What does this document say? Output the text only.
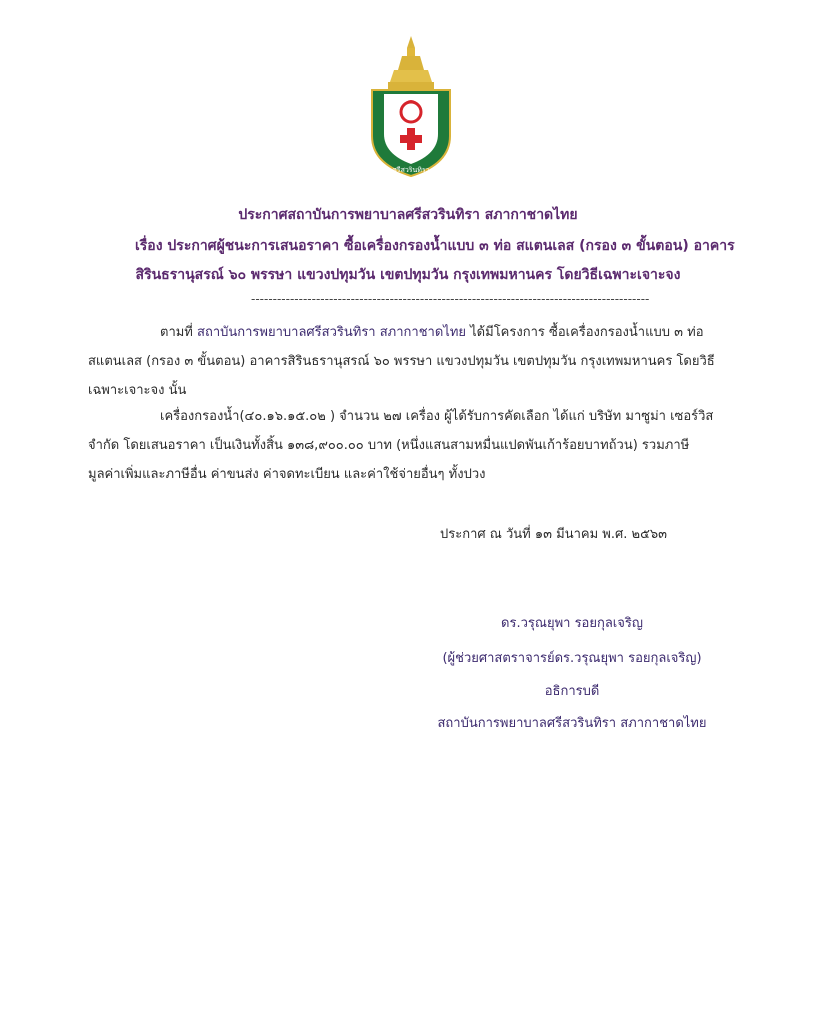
ศรีสวรินทิรา
ประกาศสถาบันการพยาบาลศรีสวรินทิรา สภากาชาดไทย
เรื่อง ประกาศผู้ชนะการเสนอราคา ซื้อเครื่องกรองน้ำแบบ ๓ ท่อ สแตนเลส (กรอง ๓ ขั้นตอน) อาคาร
สิรินธรานุสรณ์ ๖๐ พรรษา แขวงปทุมวัน เขตปทุมวัน กรุงเทพมหานคร โดยวิธีเฉพาะเจาะจง
--------------------------------------------------------------------------------------------
ตามที่ สถาบันการพยาบาลศรีสวรินทิรา สภากาชาดไทย ได้มีโครงการ ซื้อเครื่องกรองน้ำแบบ ๓ ท่อ
สแตนเลส (กรอง ๓ ขั้นตอน) อาคารสิรินธรานุสรณ์ ๖๐ พรรษา แขวงปทุมวัน เขตปทุมวัน กรุงเทพมหานคร โดยวิธี
เฉพาะเจาะจง นั้น
เครื่องกรองน้ำ(๔๐.๑๖.๑๕.๐๒ ) จำนวน ๒๗ เครื่อง ผู้ได้รับการคัดเลือก ได้แก่ บริษัท มาซูม่า เซอร์วิส
จำกัด โดยเสนอราคา เป็นเงินทั้งสิ้น ๑๓๘,๙๐๐.๐๐ บาท (หนึ่งแสนสามหมื่นแปดพันเก้าร้อยบาทถ้วน) รวมภาษี
มูลค่าเพิ่มและภาษีอื่น ค่าขนส่ง ค่าจดทะเบียน และค่าใช้จ่ายอื่นๆ ทั้งปวง
ประกาศ ณ วันที่ ๑๓ มีนาคม พ.ศ. ๒๕๖๓
ดร.วรุณยุพา รอยกุลเจริญ
(ผู้ช่วยศาสตราจารย์ดร.วรุณยุพา รอยกุลเจริญ)
อธิการบดี
สถาบันการพยาบาลศรีสวรินทิรา สภากาชาดไทย
